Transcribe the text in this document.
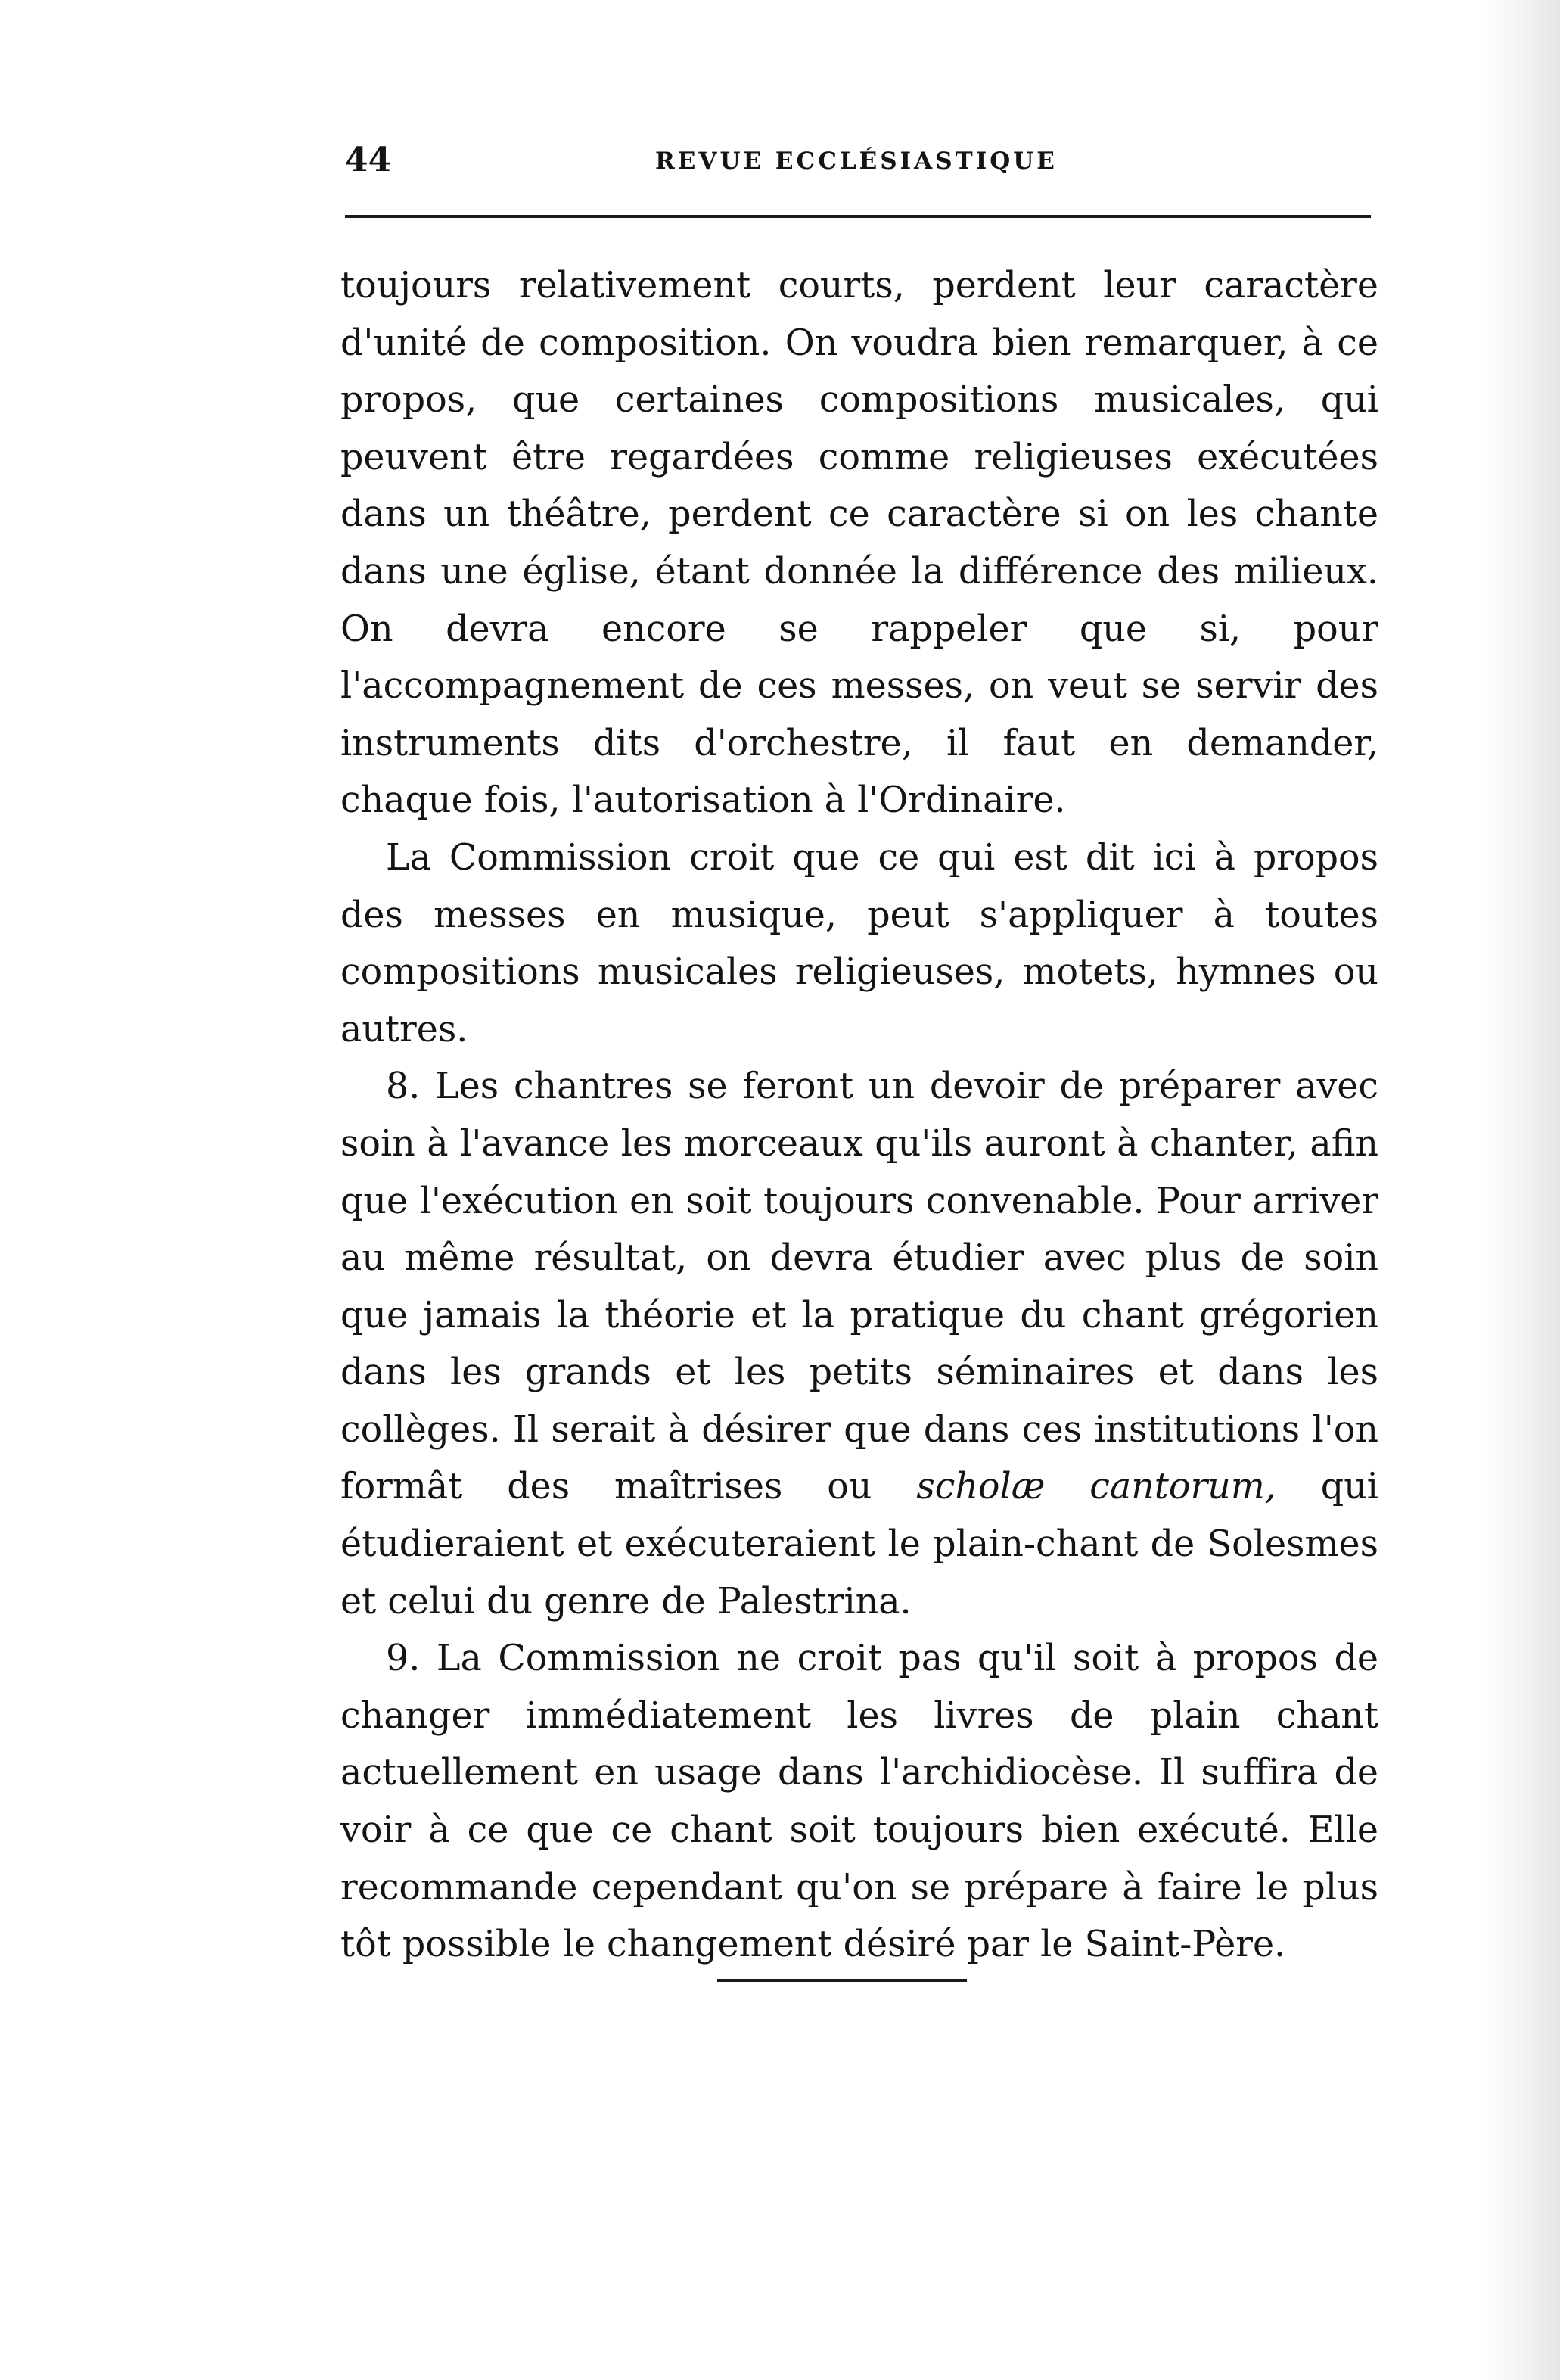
44	REVUE ECCLÉSIASTIQUE

toujours relativement courts, perdent leur caractère d'unité de composition. On voudra bien remarquer, à ce propos, que certaines compositions musicales, qui peuvent être regardées comme religieuses exécutées dans un théâtre, perdent ce caractère si on les chante dans une église, étant donnée la différence des milieux. On devra encore se rappeler que si, pour l'accompagnement de ces messes, on veut se servir des instruments dits d'orchestre, il faut en demander, chaque fois, l'autorisation à l'Ordinaire.

La Commission croit que ce qui est dit ici à propos des messes en musique, peut s'appliquer à toutes compositions musicales religieuses, motets, hymnes ou autres.

8. Les chantres se feront un devoir de préparer avec soin à l'avance les morceaux qu'ils auront à chanter, afin que l'exécution en soit toujours convenable. Pour arriver au même résultat, on devra étudier avec plus de soin que jamais la théorie et la pratique du chant grégorien dans les grands et les petits séminaires et dans les collèges. Il serait à désirer que dans ces institutions l'on formât des maîtrises ou scholæ cantorum, qui étudieraient et exécuteraient le plain-chant de Solesmes et celui du genre de Palestrina.

9. La Commission ne croit pas qu'il soit à propos de changer immédiatement les livres de plain chant actuellement en usage dans l'archidiocèse. Il suffira de voir à ce que ce chant soit toujours bien exécuté. Elle recommande cependant qu'on se prépare à faire le plus tôt possible le changement désiré par le Saint-Père.
